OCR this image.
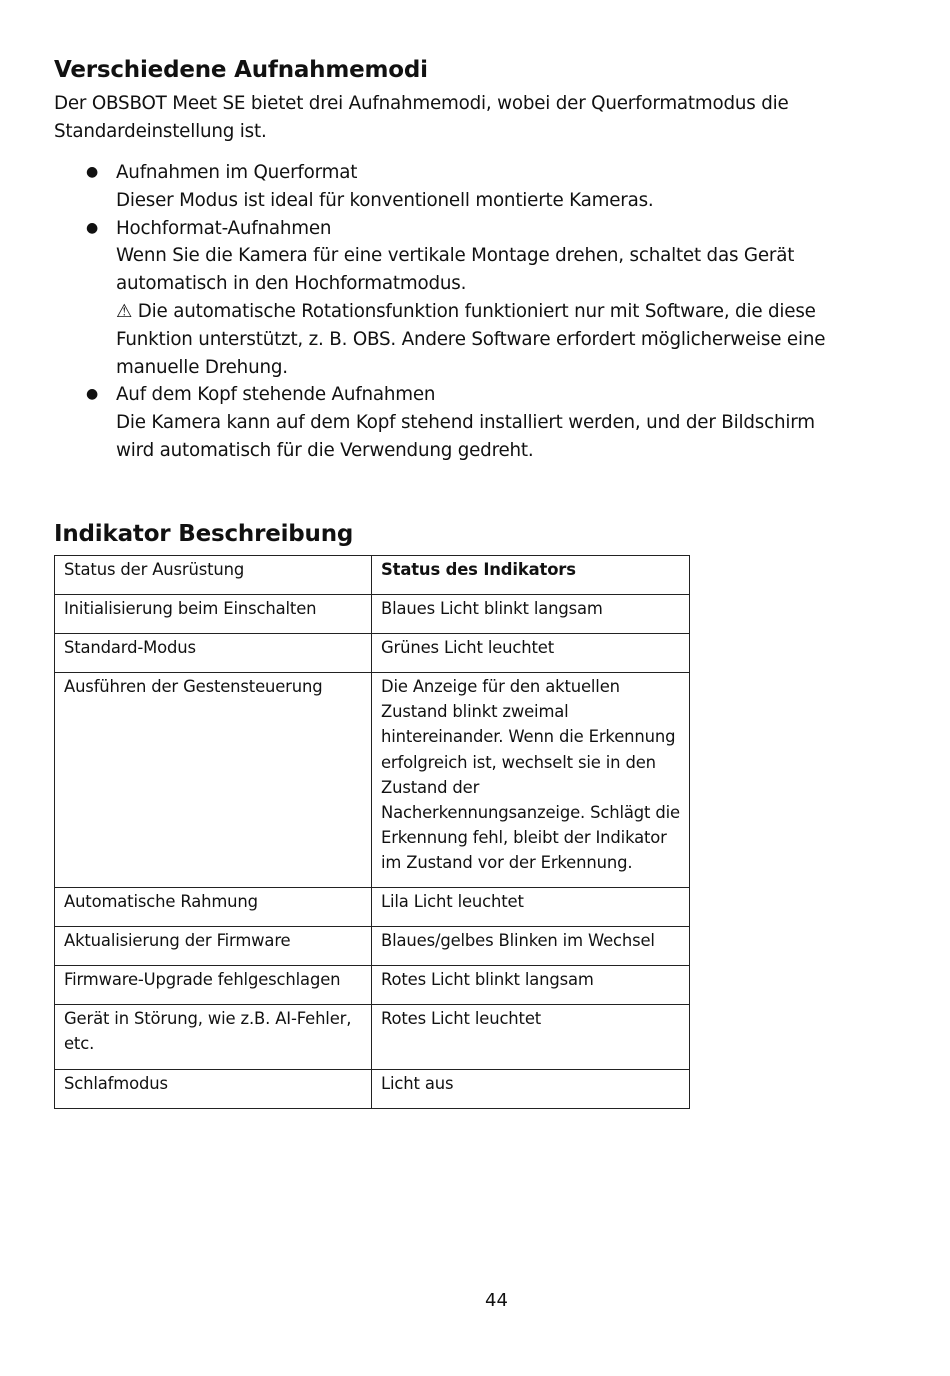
Verschiedene Aufnahmemodi

Der OBSBOT Meet SE bietet drei Aufnahmemodi, wobei der Querformatmodus die Standardeinstellung ist.

● Aufnahmen im Querformat
Dieser Modus ist ideal für konventionell montierte Kameras.
● Hochformat-Aufnahmen
Wenn Sie die Kamera für eine vertikale Montage drehen, schaltet das Gerät automatisch in den Hochformatmodus.
⚠ Die automatische Rotationsfunktion funktioniert nur mit Software, die diese Funktion unterstützt, z. B. OBS. Andere Software erfordert möglicherweise eine manuelle Drehung.
● Auf dem Kopf stehende Aufnahmen
Die Kamera kann auf dem Kopf stehend installiert werden, und der Bildschirm wird automatisch für die Verwendung gedreht.
Indikator Beschreibung
Status der Ausrüstung	Status des Indikators
Initialisierung beim Einschalten	Blaues Licht blinkt langsam
Standard-Modus	Grünes Licht leuchtet
Ausführen der Gestensteuerung	Die Anzeige für den aktuellen Zustand blinkt zweimal hintereinander. Wenn die Erkennung erfolgreich ist, wechselt sie in den Zustand der Nacherkennungsanzeige. Schlägt die Erkennung fehl, bleibt der Indikator im Zustand vor der Erkennung.
Automatische Rahmung	Lila Licht leuchtet
Aktualisierung der Firmware	Blaues/gelbes Blinken im Wechsel
Firmware-Upgrade fehlgeschlagen	Rotes Licht blinkt langsam
Gerät in Störung, wie z.B. AI-Fehler, etc.	Rotes Licht leuchtet
Schlafmodus	Licht aus
44
